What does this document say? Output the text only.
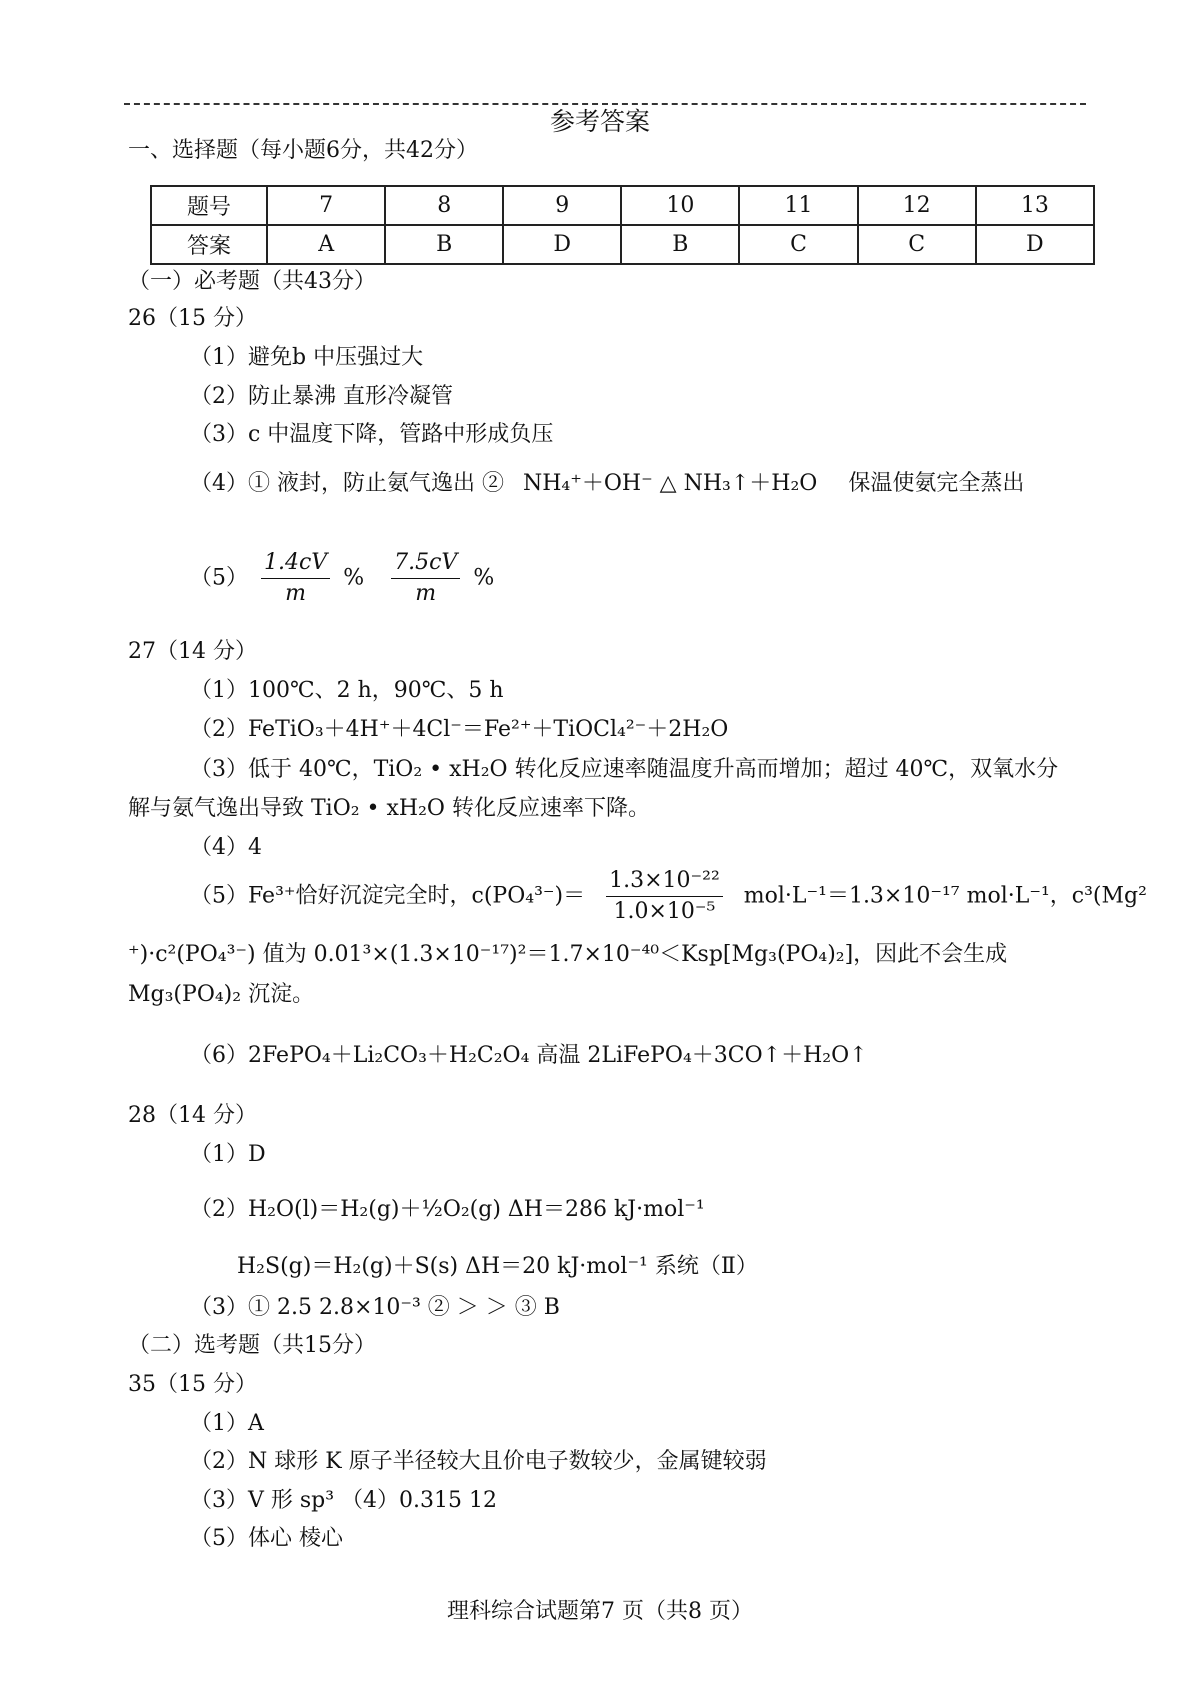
参考答案
一、选择题（每小题6分，共42分）
题号	7	8	9	10	11	12	13
答案	A	B	D	B	C	C	D
（一）必考题（共43分）
26（15 分）
（1）避免b 中压强过大
（2）防止暴沸 直形冷凝管
（3）c 中温度下降，管路中形成负压
（4）① 液封，防止氨气逸出 ② NH₄⁺＋OH⁻ △ NH₃↑＋H₂O 保温使氨完全蒸出
$(5) \frac{1.4cV}{m}$ % $\frac{7.5cV}{m}$ %
27（14 分）
（1）100℃、2 h，90℃、5 h
（2）FeTiO₃＋4H⁺＋4Cl⁻＝Fe²⁺＋TiOCl₄²⁻＋2H₂O
（3）低于 40℃，TiO₂ • xH₂O 转化反应速率随温度升高而增加；超过 40℃，双氧水分
解与氨气逸出导致 TiO₂ • xH₂O 转化反应速率下降。
（4）4
（5）Fe³⁺恰好沉淀完全时，$c(PO_4^{3-})= \frac{\text{1.3×10⁻²²}}{\text{1.0×10⁻⁵}} mol\cdot L^{-1}=1.3\times 10^{-17}$ mol·L⁻¹，c³(Mg²
⁺)·c²(PO₄³⁻) 值为 0.01³×(1.3×10⁻¹⁷)²＝1.7×10⁻⁴⁰＜Ksp[Mg₃(PO₄)₂]，因此不会生成
Mg₃(PO₄)₂ 沉淀。
（6）2FePO₄＋Li₂CO₃＋H₂C₂O₄ 高温 2LiFePO₄＋3CO↑＋H₂O↑
28（14 分）
（1）D
（2）H₂O(l)＝H₂(g)＋½O₂(g) ΔH＝286 kJ·mol⁻¹
H₂S(g)＝H₂(g)＋S(s) ΔH＝20 kJ·mol⁻¹ 系统（Ⅱ）
（3）① 2.5 2.8×10⁻³ ② ＞ ＞ ③ B
（二）选考题（共15分）
35（15 分）
（1）A
（2）N 球形 K 原子半径较大且价电子数较少，金属键较弱
（3）V 形 sp³ （4）0.315 12
（5）体心 棱心
理科综合试题第7 页（共8 页）
